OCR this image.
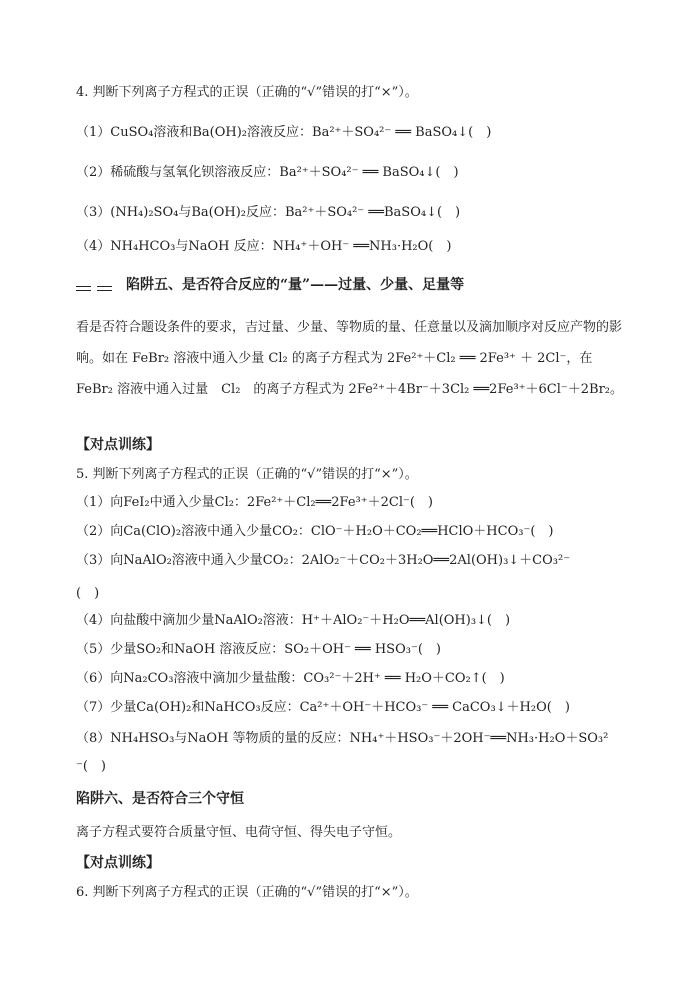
4. 判断下列离子方程式的正误（正确的“√”错误的打“×”）。
（1）CuSO₄溶液和Ba(OH)₂溶液反应：Ba²⁺＋SO₄²⁻ ══ BaSO₄↓(　)
（2）稀硫酸与氢氧化钡溶液反应：Ba²⁺＋SO₄²⁻ ══ BaSO₄↓(　)
（3）(NH₄)₂SO₄与Ba(OH)₂反应：Ba²⁺＋SO₄²⁻ ══BaSO₄↓(　)
（4）NH₄HCO₃与NaOH 反应：NH₄⁺＋OH⁻ ══NH₃·H₂O(　)
陷阱五、是否符合反应的“量”——过量、少量、足量等
看是否符合题设条件的要求，吉过量、少量、等物质的量、任意量以及滴加顺序对反应产物的影响。如在 FeBr₂ 溶液中通入少量 Cl₂ 的离子方程式为 2Fe²⁺＋Cl₂ ══ 2Fe³⁺ ＋ 2Cl⁻，在 FeBr₂ 溶液中通入过量　Cl₂　的离子方程式为 2Fe²⁺＋4Br⁻＋3Cl₂ ══2Fe³⁺＋6Cl⁻＋2Br₂。
【对点训练】
5. 判断下列离子方程式的正误（正确的“√”错误的打“×”）。
（1）向FeI₂中通入少量Cl₂：2Fe²⁺＋Cl₂══2Fe³⁺＋2Cl⁻(　)
（2）向Ca(ClO)₂溶液中通入少量CO₂：ClO⁻＋H₂O＋CO₂══HClO＋HCO₃⁻(　)
（3）向NaAlO₂溶液中通入少量CO₂：2AlO₂⁻＋CO₂＋3H₂O══2Al(OH)₃↓＋CO₃²⁻
(　)
（4）向盐酸中滴加少量NaAlO₂溶液：H⁺＋AlO₂⁻＋H₂O══Al(OH)₃↓(　)
（5）少量SO₂和NaOH 溶液反应：SO₂＋OH⁻ ══ HSO₃⁻(　)
（6）向Na₂CO₃溶液中滴加少量盐酸：CO₃²⁻＋2H⁺ ══ H₂O＋CO₂↑(　)
（7）少量Ca(OH)₂和NaHCO₃反应：Ca²⁺＋OH⁻＋HCO₃⁻ ══ CaCO₃↓＋H₂O(　)
（8）NH₄HSO₃与NaOH 等物质的量的反应：NH₄⁺＋HSO₃⁻＋2OH⁻══NH₃·H₂O＋SO₃²
⁻(　)
陷阱六、是否符合三个守恒
离子方程式要符合质量守恒、电荷守恒、得失电子守恒。
【对点训练】
6. 判断下列离子方程式的正误（正确的“√”错误的打“×”）。
